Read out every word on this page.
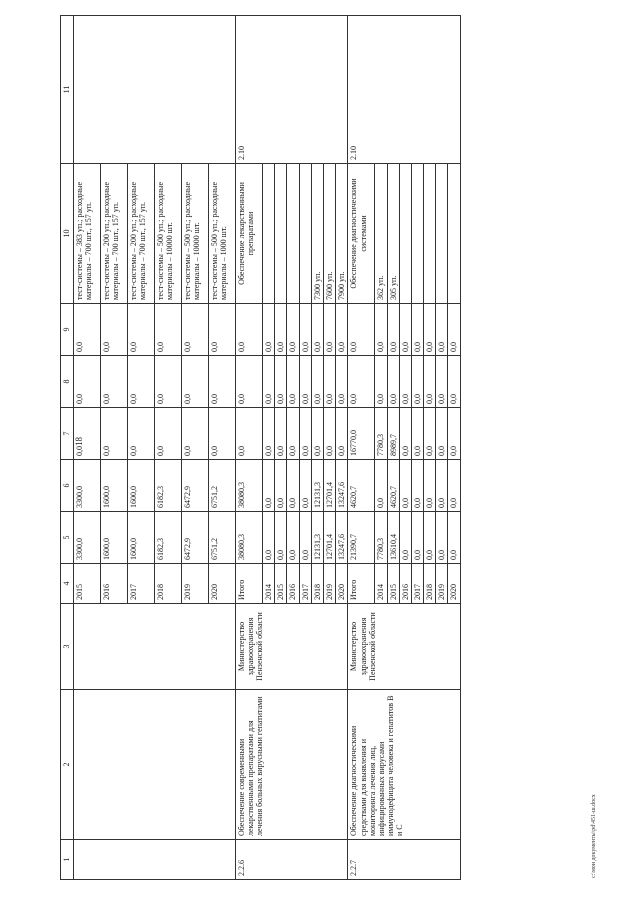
18
c:\мои документы\pd\451-ш.docx
1	2	3	4	5	6	7	8	9	10	11
			2015	3300,0	3300,0	0,0	0,0	0,0	тест-системы – 383 уп.; расходные материалы – 700 шт., 157 уп.	
			2016	1600,0	1600,0	0,0	0,0	0,0	тест-системы – 200 уп.; расходные материалы – 700 шт., 157 уп.	
			2017	1600,0	1600,0	0,0	0,0	0,0	тест-системы – 200 уп.; расходные материалы – 700 шт., 157 уп.	
			2018	6182,3	6182,3	0,0	0,0	0,0	тест-системы – 500 уп.; расходные материалы – 10000 шт.	
			2019	6472,9	6472,9	0,0	0,0	0,0	тест-системы – 500 уп.; расходные материалы – 10000 шт.	
			2020	6751,2	6751,2	0,0	0,0	0,0	тест-системы – 500 уп.; расходные материалы – 1000 шт.	
2.2.6	Обеспечение современными лекарственными препаратами для лечения больных вирусными гепатитами	Министерство здравоохранения Пензенской области	Итого	38080,3	38080,3	0,0	0,0	0,0	Обеспечение лекарственными препаратами	2.10
			2014	0,0	0,0	0,0	0,0	0,0		
			2015	0,0	0,0	0,0	0,0	0,0		
			2016	0,0	0,0	0,0	0,0	0,0		
			2017	0,0	0,0	0,0	0,0	0,0		
			2018	12131,3	12131,3	0,0	0,0	0,0	7300 уп.	
			2019	12701,4	12701,4	0,0	0,0	0,0	7600 уп.	
			2020	13247,6	13247,6	0,0	0,0	0,0	7900 уп.	
2.2.7	Обеспечение диагностическими средствами для выявления и мониторинга лечения лиц, инфицированных вирусами иммунодефицита человека и гепатитов В и С	Министерство здравоохранения Пензенской области	Итого	21390,7	4620,7	16770,0	0,0	0,0	Обеспечение диагностическими системами	2.10
			2014	7780,3	0,0	7780,3	0,0	0,0	362 уп.	
			2015	13610,4	4620,7	8989,7	0,0	0,0	305 уп.	
			2016	0,0	0,0	0,0	0,0	0,0		
			2017	0,0	0,0	0,0	0,0	0,0		
			2018	0,0	0,0	0,0	0,0	0,0		
			2019	0,0	0,0	0,0	0,0	0,0		
			2020	0,0	0,0	0,0	0,0	0,0		
